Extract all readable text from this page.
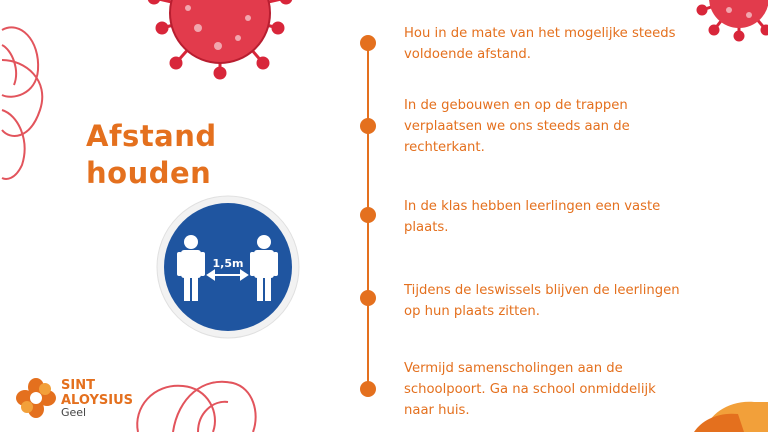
Afstand
houden
1,5m

Hou in de mate van het mogelijke steeds voldoende afstand.

In de gebouwen en op de trappen verplaatsen we ons steeds aan de rechterkant.

In de klas hebben leerlingen een vaste plaats.

Tijdens de leswissels blijven de leerlingen op hun plaats zitten.

Vermijd samenscholingen aan de schoolpoort. Ga na school onmiddelijk naar huis.

SINT
ALOYSIUS
Geel
